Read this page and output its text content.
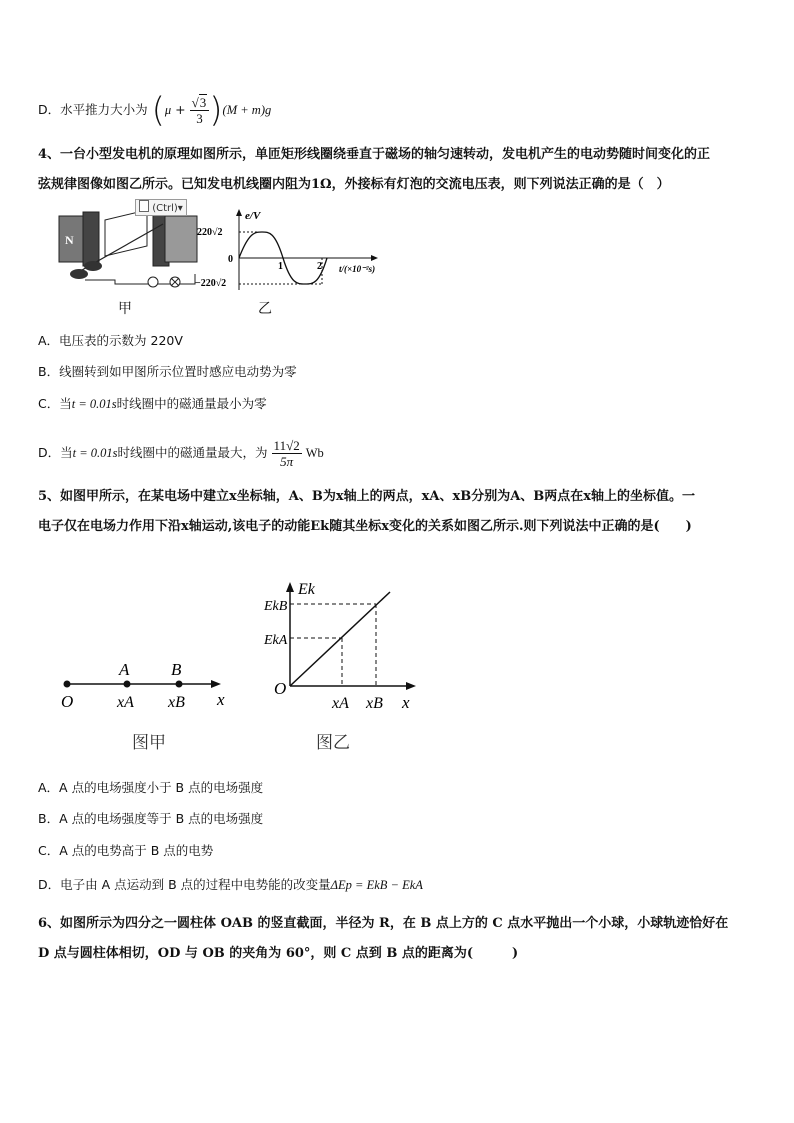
D．水平推力大小为 $(\mu + \frac{√3}{3} )(M + m)g$
4、一台小型发电机的原理如图所示，单匝矩形线圈绕垂直于磁场的轴匀速转动，发电机产生的电动势随时间变化的正
弦规律图像如图乙所示。已知发电机线圈内阻为1Ω，外接标有灯泡的交流电压表，则下列说法正确的是（　）
N
(Ctrl)▾
甲
e/V
220√2
−220√2
0
1	2 t/(×10⁻²s)
乙
A．电压表的示数为 220V
B．线圈转到如甲图所示位置时感应电动势为零
C．当t = 0.01s时线圈中的磁通量最小为零
D．当t = 0.01s时线圈中的磁通量最大，为 $\frac{11√2}{5\pi}$ Wb
5、如图甲所示，在某电场中建立x坐标轴，A、B为x轴上的两点，xA、xB分别为A、B两点在x轴上的坐标值。一
电子仅在电场力作用下沿x轴运动,该电子的动能Ek随其坐标x变化的关系如图乙所示.则下列说法中正确的是(　　)
A B
O	xA xB x
图甲
Ek
EkB
EkA
O
xA xB x
图乙
A．A 点的电场强度小于 B 点的电场强度
B．A 点的电场强度等于 B 点的电场强度
C．A 点的电势高于 B 点的电势
D．电子由 A 点运动到 B 点的过程中电势能的改变量ΔEp = EkB − EkA
6、如图所示为四分之一圆柱体 OAB 的竖直截面，半径为 R，在 B 点上方的 C 点水平抛出一个小球，小球轨迹恰好在
D 点与圆柱体相切，OD 与 OB 的夹角为 60°，则 C 点到 B 点的距离为(　　　)
